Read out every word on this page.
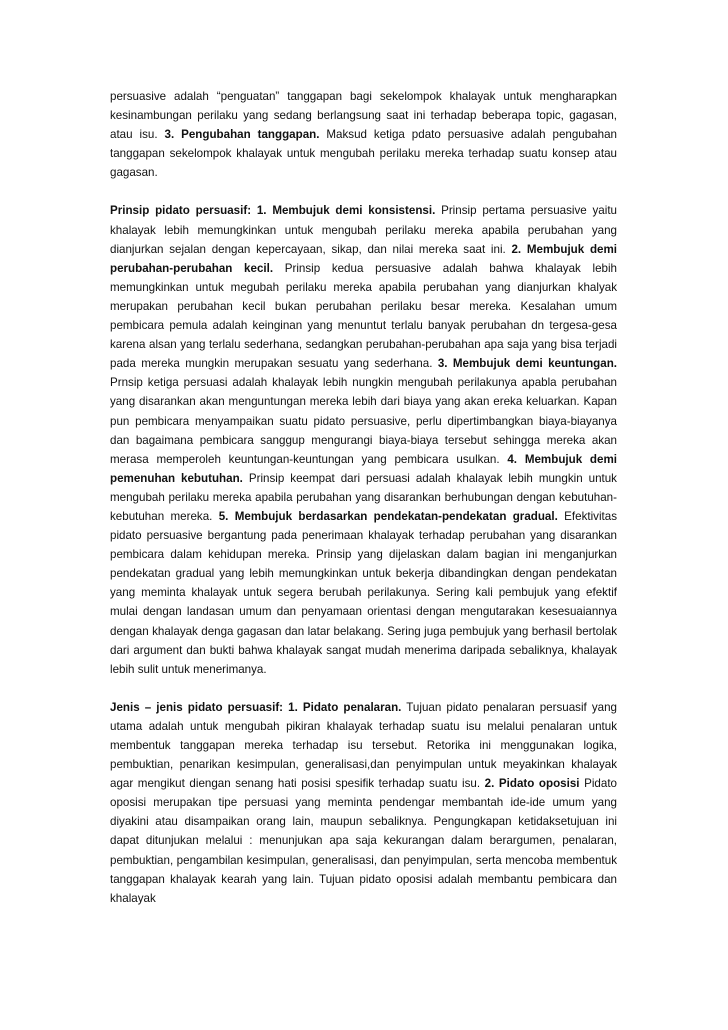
persuasive adalah “penguatan” tanggapan bagi sekelompok khalayak untuk mengharapkan kesinambungan perilaku yang sedang berlangsung saat ini terhadap beberapa topic, gagasan, atau isu. 3. Pengubahan tanggapan. Maksud ketiga pdato persuasive adalah pengubahan tanggapan sekelompok khalayak untuk mengubah perilaku mereka terhadap suatu konsep atau gagasan.

Prinsip pidato persuasif: 1. Membujuk demi konsistensi. Prinsip pertama persuasive yaitu khalayak lebih memungkinkan untuk mengubah perilaku mereka apabila perubahan yang dianjurkan sejalan dengan kepercayaan, sikap, dan nilai mereka saat ini. 2. Membujuk demi perubahan-perubahan kecil. Prinsip kedua persuasive adalah bahwa khalayak lebih memungkinkan untuk megubah perilaku mereka apabila perubahan yang dianjurkan khalyak merupakan perubahan kecil bukan perubahan perilaku besar mereka. Kesalahan umum pembicara pemula adalah keinginan yang menuntut terlalu banyak perubahan dn tergesa-gesa karena alsan yang terlalu sederhana, sedangkan perubahan-perubahan apa saja yang bisa terjadi pada mereka mungkin merupakan sesuatu yang sederhana. 3. Membujuk demi keuntungan. Prnsip ketiga persuasi adalah khalayak lebih nungkin mengubah perilakunya apabla perubahan yang disarankan akan menguntungan mereka lebih dari biaya yang akan ereka keluarkan. Kapan pun pembicara menyampaikan suatu pidato persuasive, perlu dipertimbangkan biaya-biayanya dan bagaimana pembicara sanggup mengurangi biaya-biaya tersebut sehingga mereka akan merasa memperoleh keuntungan-keuntungan yang pembicara usulkan. 4. Membujuk demi pemenuhan kebutuhan. Prinsip keempat dari persuasi adalah khalayak lebih mungkin untuk mengubah perilaku mereka apabila perubahan yang disarankan berhubungan dengan kebutuhan-kebutuhan mereka. 5. Membujuk berdasarkan pendekatan-pendekatan gradual. Efektivitas pidato persuasive bergantung pada penerimaan khalayak terhadap perubahan yang disarankan pembicara dalam kehidupan mereka. Prinsip yang dijelaskan dalam bagian ini menganjurkan pendekatan gradual yang lebih memungkinkan untuk bekerja dibandingkan dengan pendekatan yang meminta khalayak untuk segera berubah perilakunya. Sering kali pembujuk yang efektif mulai dengan landasan umum dan penyamaan orientasi dengan mengutarakan kesesuaiannya dengan khalayak denga gagasan dan latar belakang. Sering juga pembujuk yang berhasil bertolak dari argument dan bukti bahwa khalayak sangat mudah menerima daripada sebaliknya, khalayak lebih sulit untuk menerimanya.

Jenis – jenis pidato persuasif: 1. Pidato penalaran. Tujuan pidato penalaran persuasif yang utama adalah untuk mengubah pikiran khalayak terhadap suatu isu melalui penalaran untuk membentuk tanggapan mereka terhadap isu tersebut. Retorika ini menggunakan logika, pembuktian, penarikan kesimpulan, generalisasi,dan penyimpulan untuk meyakinkan khalayak agar mengikut diengan senang hati posisi spesifik terhadap suatu isu. 2. Pidato oposisi Pidato oposisi merupakan tipe persuasi yang meminta pendengar membantah ide-ide umum yang diyakini atau disampaikan orang lain, maupun sebaliknya. Pengungkapan ketidaksetujuan ini dapat ditunjukan melalui : menunjukan apa saja kekurangan dalam berargumen, penalaran, pembuktian, pengambilan kesimpulan, generalisasi, dan penyimpulan, serta mencoba membentuk tanggapan khalayak kearah yang lain. Tujuan pidato oposisi adalah membantu pembicara dan khalayak
